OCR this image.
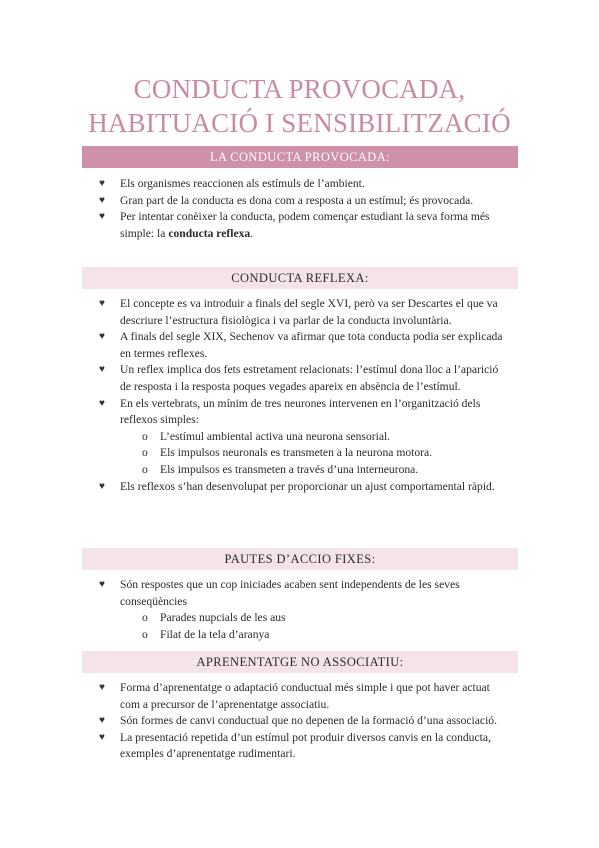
CONDUCTA PROVOCADA,
HABITUACIÓ I SENSIBILITZACIÓ
LA CONDUCTA PROVOCADA:
♥ Els organismes reaccionen als estímuls de l’ambient.
♥ Gran part de la conducta es dona com a resposta a un estímul; és provocada.
♥ Per intentar conèixer la conducta, podem començar estudiant la seva forma més simple: la conducta reflexa.
CONDUCTA REFLEXA:
♥ El concepte es va introduir a finals del segle XVI, però va ser Descartes el que va descriure l’estructura fisiològica i va parlar de la conducta involuntària.
♥ A finals del segle XIX, Sechenov va afirmar que tota conducta podia ser explicada en termes reflexes.
♥ Un reflex implica dos fets estretament relacionats: l’estímul dona lloc a l’aparició de resposta i la resposta poques vegades apareix en absència de l’estímul.
♥ En els vertebrats, un mínim de tres neurones intervenen en l’organització dels reflexos simples:
o L’estímul ambiental activa una neurona sensorial.
o Els impulsos neuronals es transmeten a la neurona motora.
o Els impulsos es transmeten a través d’una interneurona.
♥ Els reflexos s’han desenvolupat per proporcionar un ajust comportamental ràpid.
PAUTES D’ACCIO FIXES:
♥ Són respostes que un cop iniciades acaben sent independents de les seves conseqüències
o Parades nupcials de les aus
o Filat de la tela d’aranya
APRENENTATGE NO ASSOCIATIU:
♥ Forma d’aprenentatge o adaptació conductual més simple i que pot haver actuat com a precursor de l’aprenentatge associatiu.
♥ Són formes de canvi conductual que no depenen de la formació d’una associació.
♥ La presentació repetida d’un estímul pot produir diversos canvis en la conducta, exemples d’aprenentatge rudimentari.
